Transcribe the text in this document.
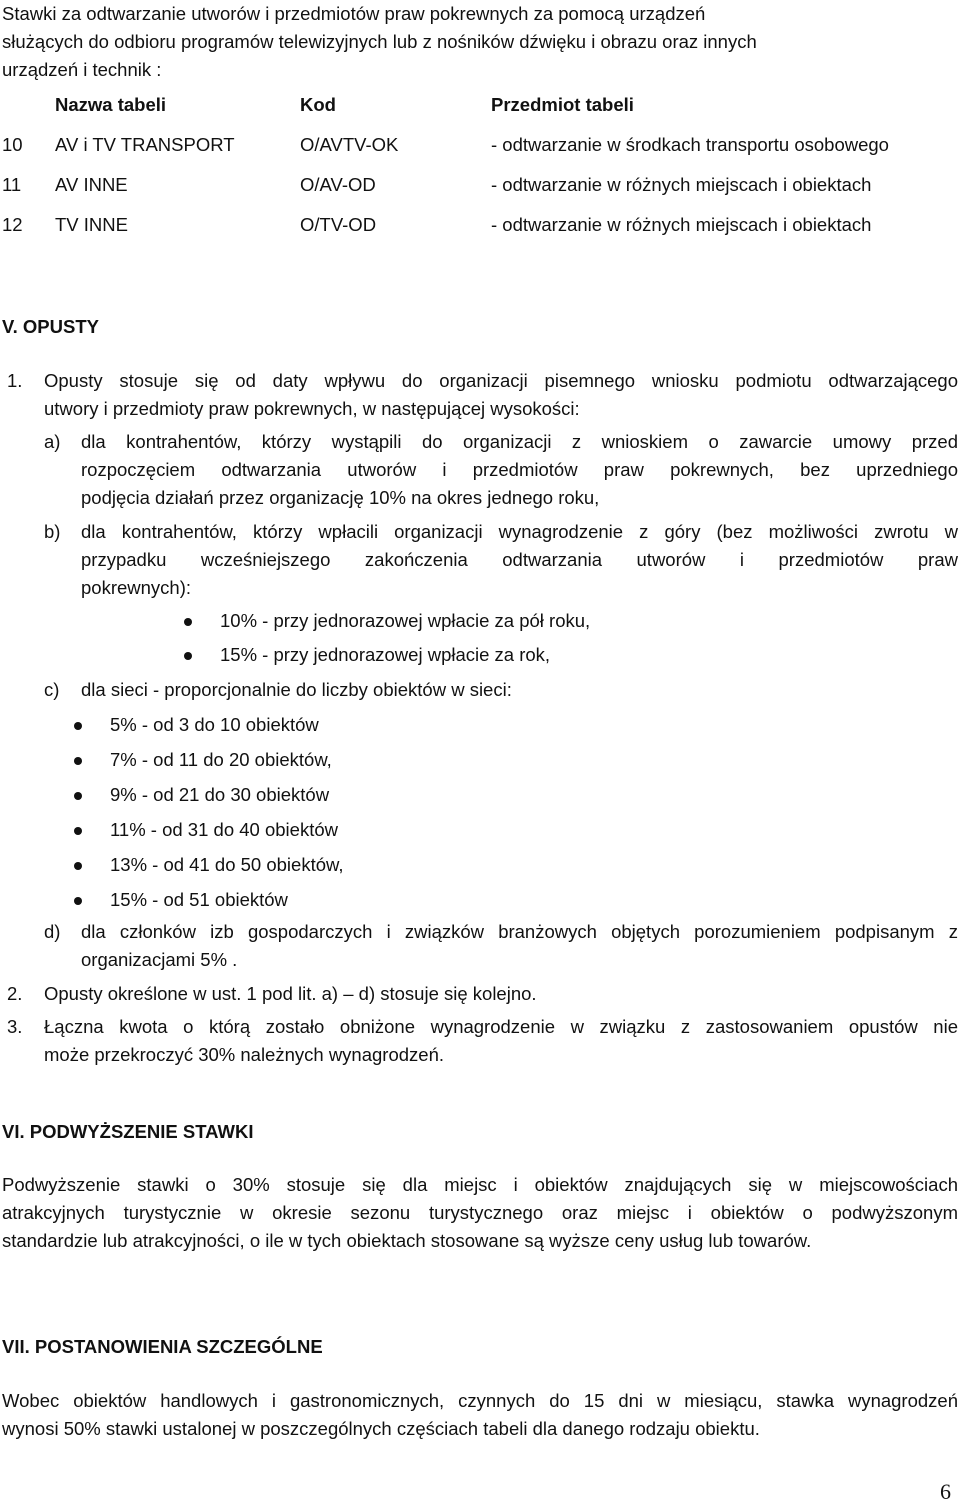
Stawki za odtwarzanie utworów i przedmiotów praw pokrewnych za pomocą urządzeń
służących do odbioru programów telewizyjnych lub z nośników dźwięku i obrazu oraz innych
urządzeń i technik :
Nazwa tabeli	Kod	Przedmiot tabeli
10 AV i TV TRANSPORT	O/AVTV-OK	- odtwarzanie w środkach transportu osobowego
11 AV INNE	O/AV-OD	- odtwarzanie w różnych miejscach i obiektach
12 TV INNE	O/TV-OD	- odtwarzanie w różnych miejscach i obiektach
V. OPUSTY
1. Opusty stosuje się od daty wpływu do organizacji pisemnego wniosku podmiotu odtwarzającego
utwory i przedmioty praw pokrewnych, w następującej wysokości:
a) dla kontrahentów, którzy wystąpili do organizacji z wnioskiem o zawarcie umowy przed
rozpoczęciem odtwarzania utworów i przedmiotów praw pokrewnych, bez uprzedniego
podjęcia działań przez organizację 10% na okres jednego roku,
b) dla kontrahentów, którzy wpłacili organizacji wynagrodzenie z góry (bez możliwości zwrotu w
przypadku wcześniejszego zakończenia odtwarzania utworów i przedmiotów praw
pokrewnych):
10% - przy jednorazowej wpłacie za pół roku,
15% - przy jednorazowej wpłacie za rok,
c) dla sieci - proporcjonalnie do liczby obiektów w sieci:
5% - od 3 do 10 obiektów
7% - od 11 do 20 obiektów,
9% - od 21 do 30 obiektów
11% - od 31 do 40 obiektów
13% - od 41 do 50 obiektów,
15% - od 51 obiektów
d) dla członków izb gospodarczych i związków branżowych objętych porozumieniem podpisanym z
organizacjami 5% .
2. Opusty określone w ust. 1 pod lit. a) – d) stosuje się kolejno.
3. Łączna kwota o którą zostało obniżone wynagrodzenie w związku z zastosowaniem opustów nie
może przekroczyć 30% należnych wynagrodzeń.
VI. PODWYŻSZENIE STAWKI
Podwyższenie stawki o 30% stosuje się dla miejsc i obiektów znajdujących się w miejscowościach
atrakcyjnych turystycznie w okresie sezonu turystycznego oraz miejsc i obiektów o podwyższonym
standardzie lub atrakcyjności, o ile w tych obiektach stosowane są wyższe ceny usług lub towarów.
VII. POSTANOWIENIA SZCZEGÓLNE
Wobec obiektów handlowych i gastronomicznych, czynnych do 15 dni w miesiącu, stawka wynagrodzeń
wynosi 50% stawki ustalonej w poszczególnych częściach tabeli dla danego rodzaju obiektu.
6
